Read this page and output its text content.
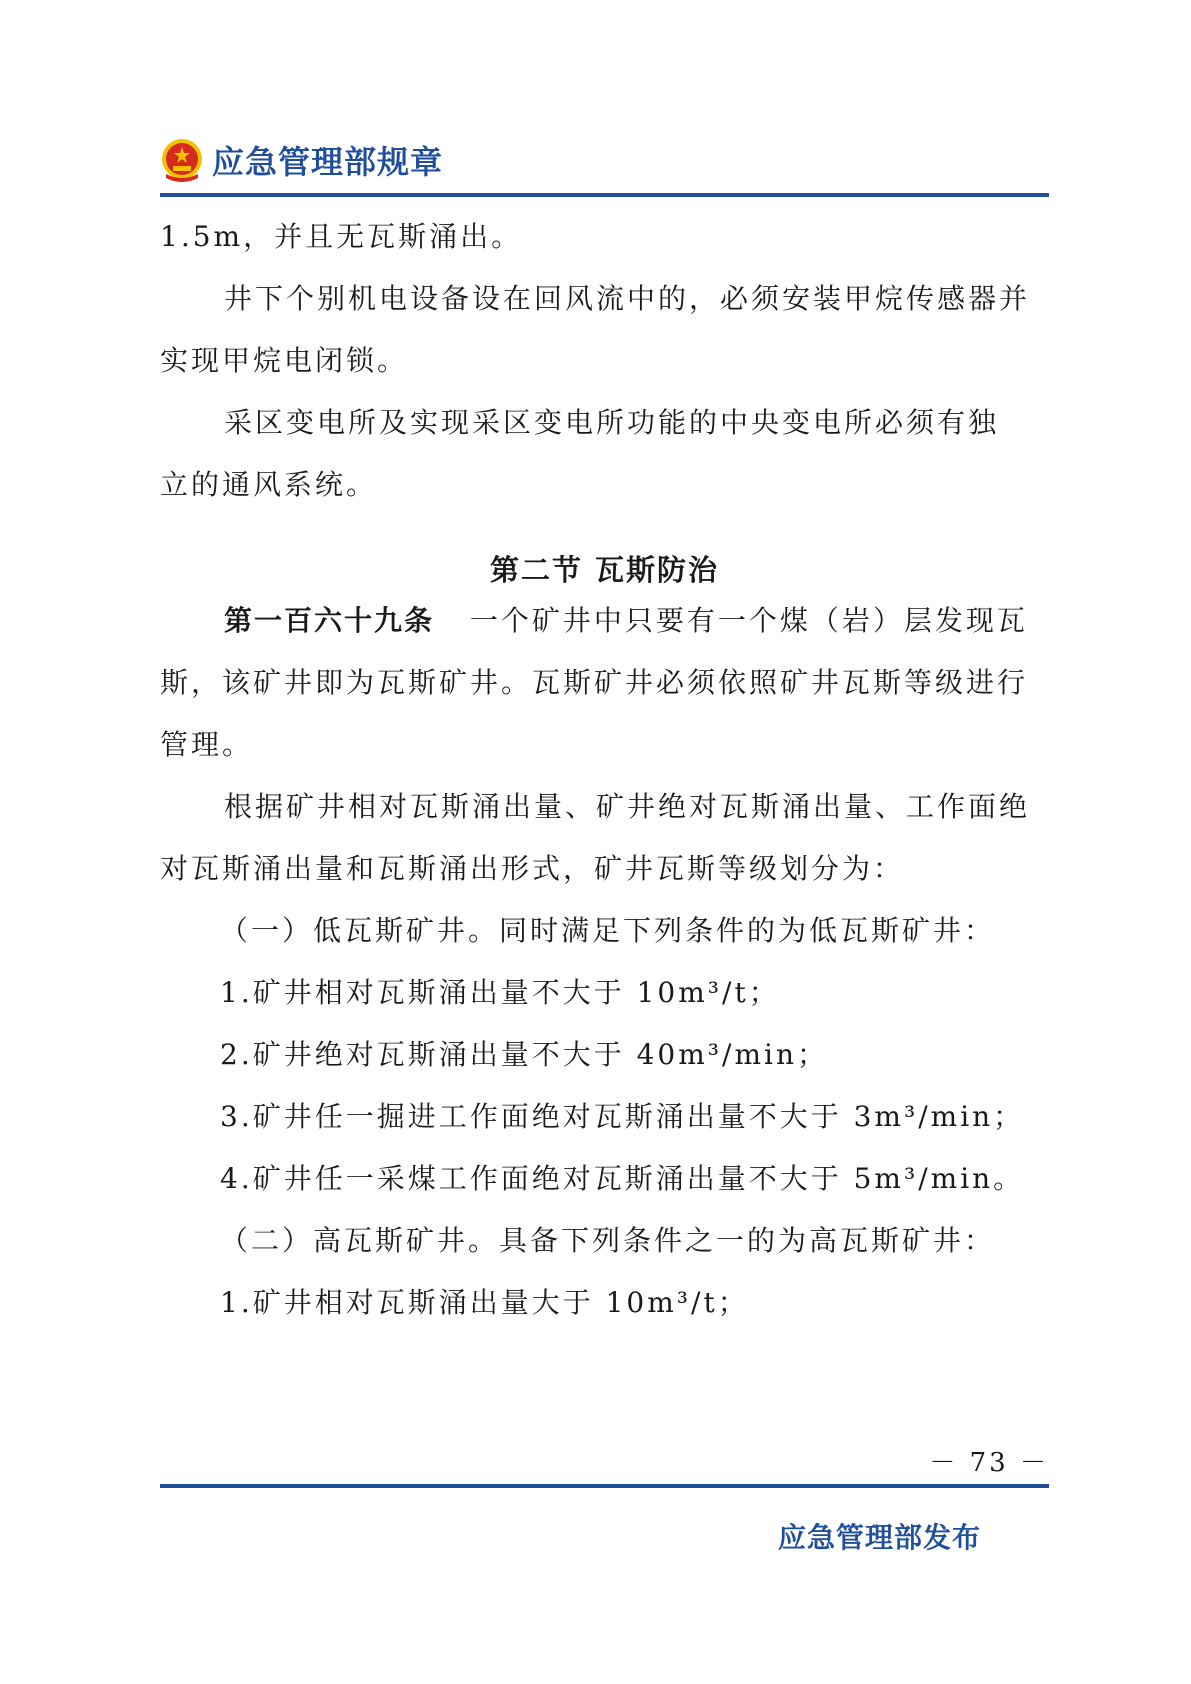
应急管理部规章
1.5m，并且无瓦斯涌出。
井下个别机电设备设在回风流中的，必须安装甲烷传感器并
实现甲烷电闭锁。
采区变电所及实现采区变电所功能的中央变电所必须有独
立的通风系统。
第二节 瓦斯防治
第一百六十九条 一个矿井中只要有一个煤（岩）层发现瓦
斯，该矿井即为瓦斯矿井。瓦斯矿井必须依照矿井瓦斯等级进行
管理。
根据矿井相对瓦斯涌出量、矿井绝对瓦斯涌出量、工作面绝
对瓦斯涌出量和瓦斯涌出形式，矿井瓦斯等级划分为：
（一）低瓦斯矿井。同时满足下列条件的为低瓦斯矿井：
1.矿井相对瓦斯涌出量不大于 10m³/t；
2.矿井绝对瓦斯涌出量不大于 40m³/min；
3.矿井任一掘进工作面绝对瓦斯涌出量不大于 3m³/min；
4.矿井任一采煤工作面绝对瓦斯涌出量不大于 5m³/min。
（二）高瓦斯矿井。具备下列条件之一的为高瓦斯矿井：
1.矿井相对瓦斯涌出量大于 10m³/t；
－ 73 －
应急管理部发布
